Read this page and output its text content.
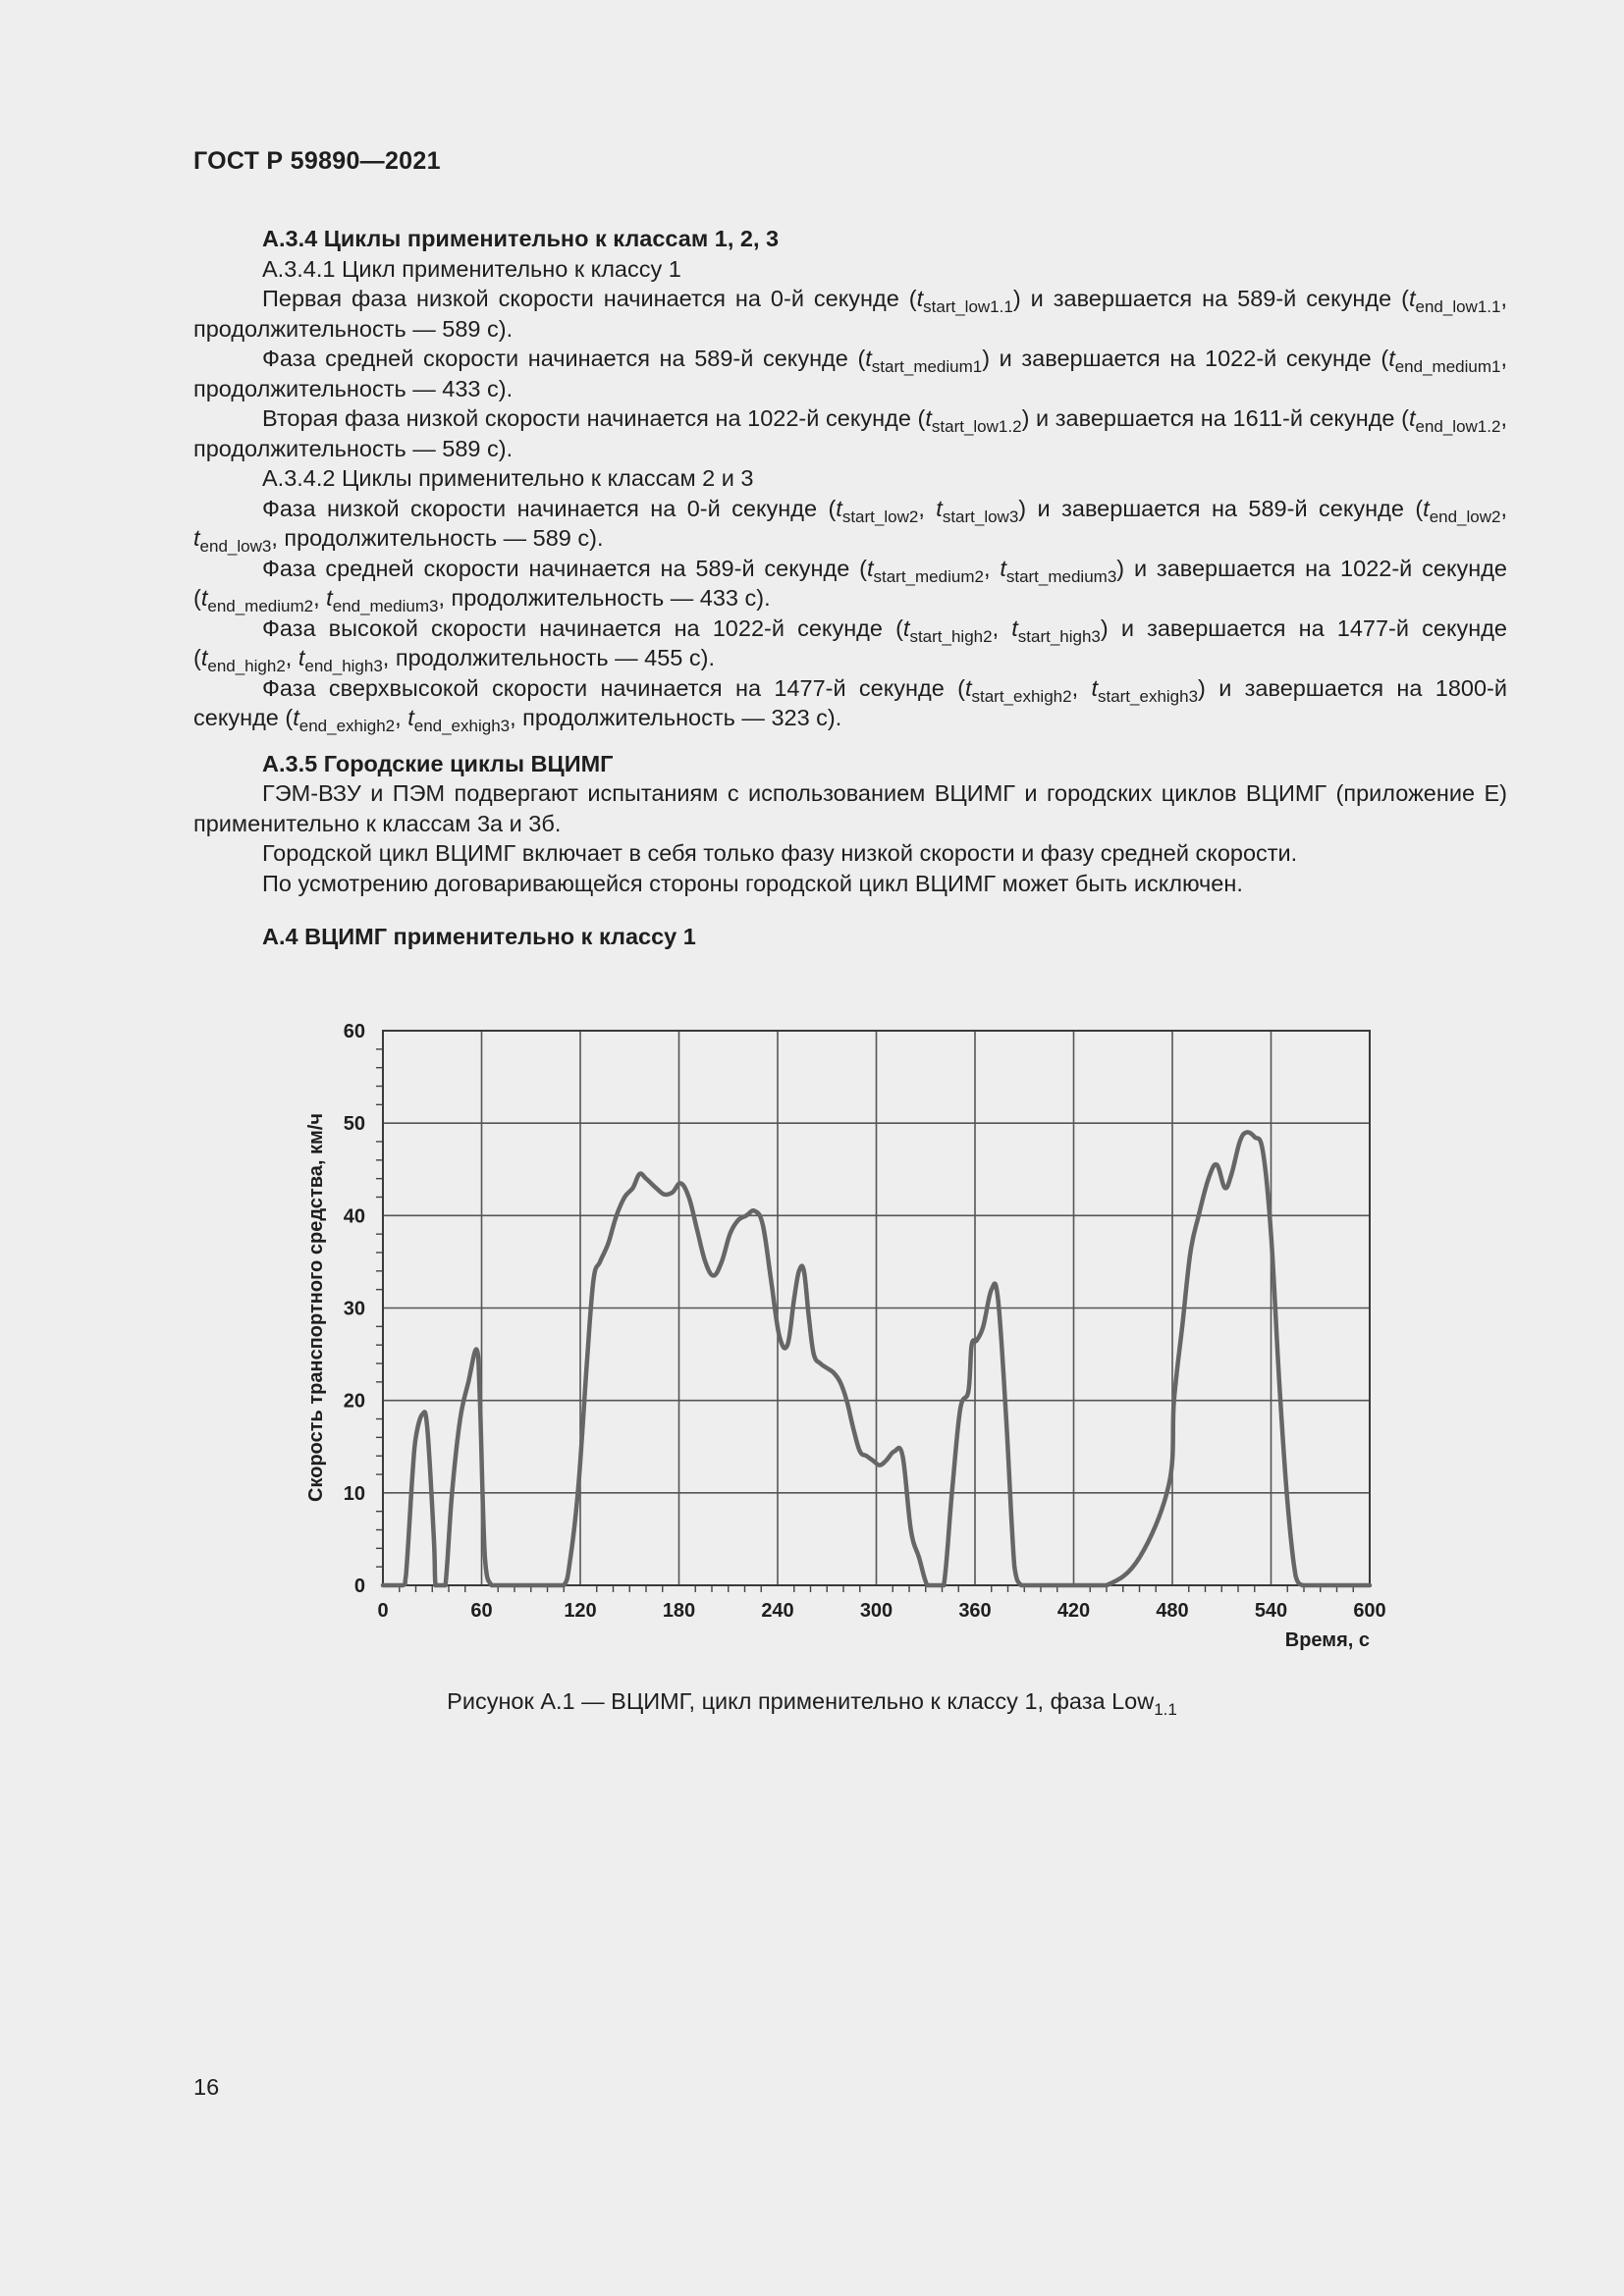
ГОСТ Р 59890—2021

А.3.4 Циклы применительно к классам 1, 2, 3

А.3.4.1 Цикл применительно к классу 1

Первая фаза низкой скорости начинается на 0-й секунде $(t_{start\_low1.1})$ и завершается на 589-й секунде ($t_{end\_low1.1}$, продолжительность — 589 с).

Фаза средней скорости начинается на 589-й секунде $(t_{start\_medium1})$ и завершается на 1022-й секунде ($t_{end\_medium1}$, продолжительность — 433 с).

Вторая фаза низкой скорости начинается на 1022-й секунде $(t_{start\_low1.2})$ и завершается на 1611-й секунде ($t_{end\_low1.2}$, продолжительность — 589 с).

А.3.4.2 Циклы применительно к классам 2 и 3

Фаза низкой скорости начинается на 0-й секунде ($t_{start\_low2}$, $t_{start\_low3}$) и завершается на 589-й секунде ($t_{end\_low2}$, $t_{end\_low3}$, продолжительность — 589 с).

Фаза средней скорости начинается на 589-й секунде ($t_{start\_medium2}$, $t_{start\_medium3}$) и завершается на 1022-й секунде ($t_{end\_medium2}$, $t_{end\_medium3}$, продолжительность — 433 с).

Фаза высокой скорости начинается на 1022-й секунде ($t_{start\_high2}$, $t_{start\_high3}$) и завершается на 1477-й секунде ($t_{end\_high2}$, $t_{end\_high3}$, продолжительность — 455 с).

Фаза сверхвысокой скорости начинается на 1477-й секунде ($t_{start\_exhigh2}$, $t_{start\_exhigh3}$) и завершается на 1800-й секунде ($t_{end\_exhigh2}$, $t_{end\_exhigh3}$, продолжительность — 323 с).

А.3.5 Городские циклы ВЦИМГ

ГЭМ-ВЗУ и ПЭМ подвергают испытаниям с использованием ВЦИМГ и городских циклов ВЦИМГ (приложение Е) применительно к классам 3а и 3б.

Городской цикл ВЦИМГ включает в себя только фазу низкой скорости и фазу средней скорости.

По усмотрению договаривающейся стороны городской цикл ВЦИМГ может быть исключен.

А.4 ВЦИМГ применительно к классу 1

0	60	120	180	240	300	360	420	480	540	600
0
10
20
30
40
50
60
Время, с
Скорость транспортного средства, км/ч
Рисунок А.1 — ВЦИМГ, цикл применительно к классу 1, фаза Low$_{1.1}$
16
